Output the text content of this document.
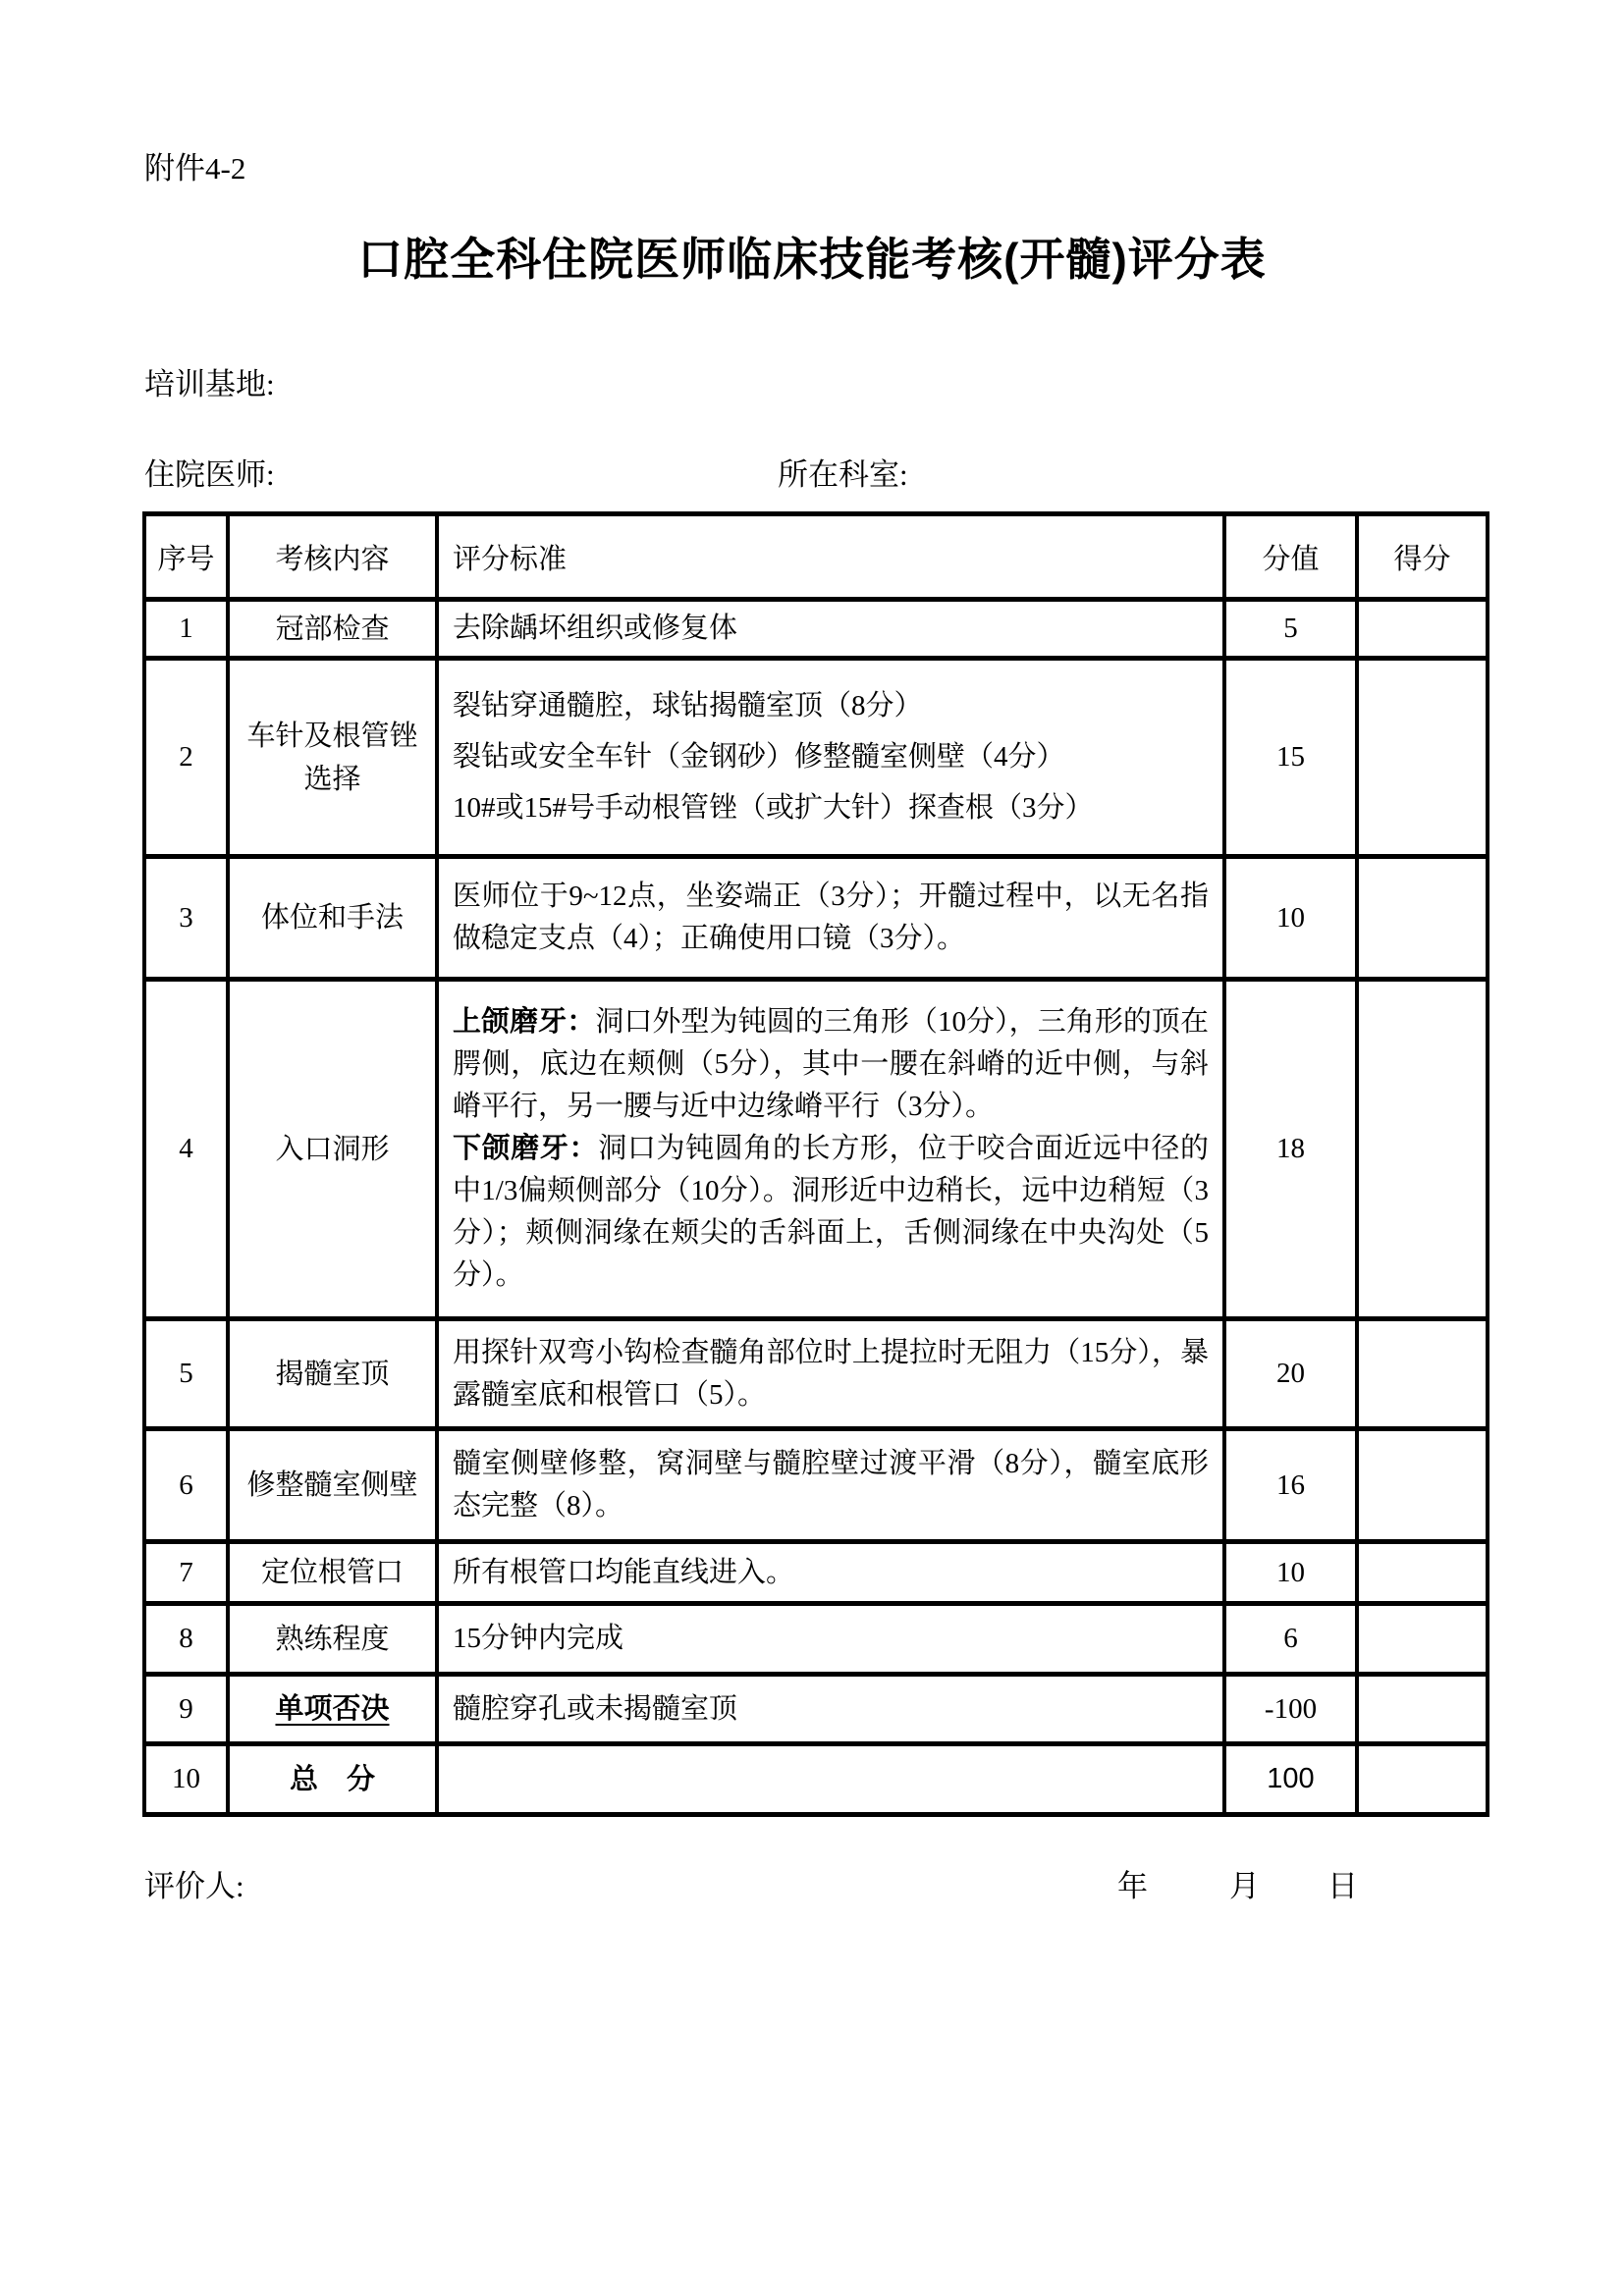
附件4-2
口腔全科住院医师临床技能考核(开髓)评分表
培训基地:
住院医师:	所在科室:
序号	考核内容	评分标准	分值	得分
1	冠部检查	去除龋坏组织或修复体	5	
2	车针及根管锉选择	裂钻穿通髓腔，球钻揭髓室顶（8分）
裂钻或安全车针（金钢砂）修整髓室侧壁（4分）
10#或15#号手动根管锉（或扩大针）探查根（3分）	15	
3	体位和手法	医师位于9~12点，坐姿端正（3分）；开髓过程中，以无名指做稳定支点（4）；正确使用口镜（3分）。	10	
4	入口洞形	上颌磨牙：洞口外型为钝圆的三角形（10分），三角形的顶在腭侧，底边在颊侧（5分），其中一腰在斜嵴的近中侧，与斜嵴平行，另一腰与近中边缘嵴平行（3分）。
下颌磨牙：洞口为钝圆角的长方形，位于咬合面近远中径的中1/3偏颊侧部分（10分）。洞形近中边稍长，远中边稍短（3分）；颊侧洞缘在颊尖的舌斜面上，舌侧洞缘在中央沟处（5分）。	18	
5	揭髓室顶	用探针双弯小钩检查髓角部位时上提拉时无阻力（15分），暴露髓室底和根管口（5）。	20	
6	修整髓室侧壁	髓室侧壁修整，窝洞壁与髓腔壁过渡平滑（8分），髓室底形态完整（8）。	16	
7	定位根管口	所有根管口均能直线进入。	10	
8	熟练程度	15分钟内完成	6	
9	单项否决	髓腔穿孔或未揭髓室顶	-100	
10	总　分		100	
评价人:	年	月 日
